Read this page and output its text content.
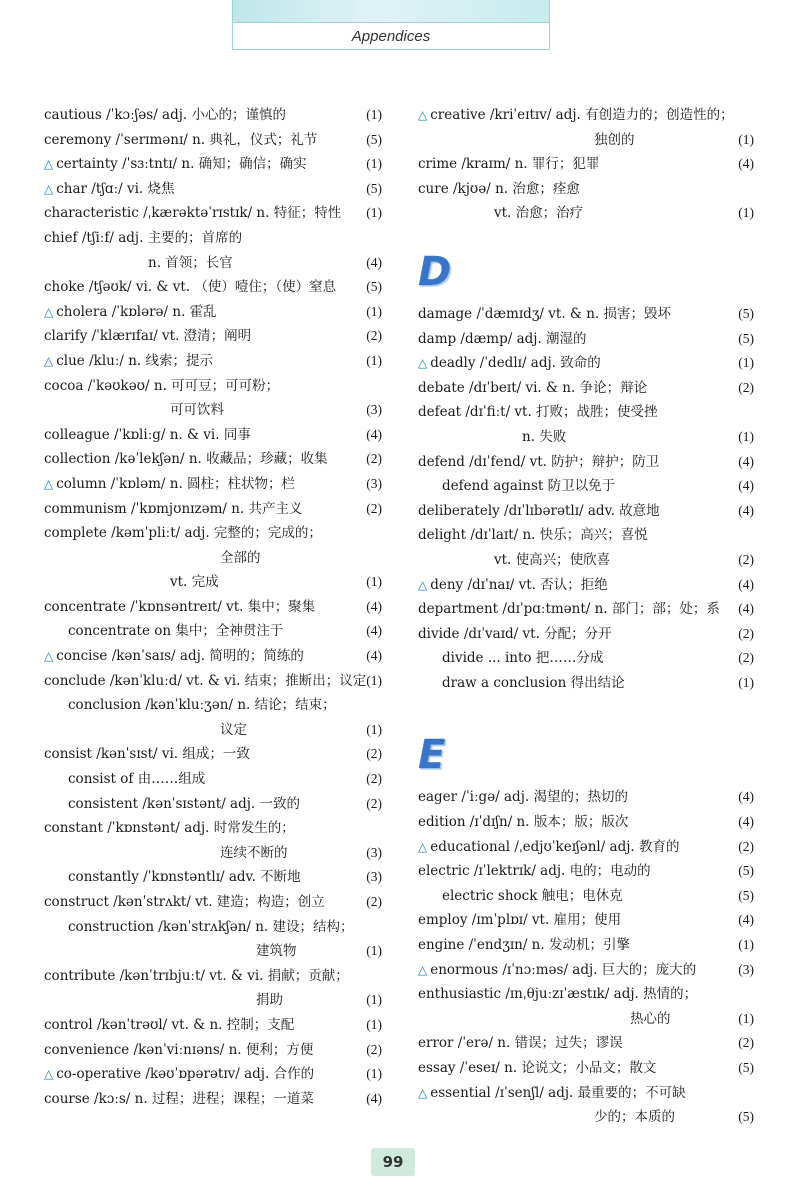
Appendices
cautious /ˈkɔːʃəs/ adj. 小心的；谨慎的	(1)
ceremony /ˈserɪmənɪ/ n. 典礼，仪式；礼节	(5)
△ certainty /ˈsɜːtntɪ/ n. 确知；确信；确实	(1)
△ char /tʃɑː/ vi. 烧焦	(5)
characteristic /ˌkærəktəˈrɪstɪk/ n. 特征；特性 (1)
chief /tʃiːf/ adj. 主要的；首席的
n. 首领；长官	(4)
choke /tʃəʊk/ vi. & vt. （使）噎住；（使）窒息 (5)
△ cholera /ˈkɒlərə/ n. 霍乱	(1)
clarify /ˈklærɪfaɪ/ vt. 澄清；阐明	(2)
△ clue /kluː/ n. 线索；提示	(1)
cocoa /ˈkəʊkəʊ/ n. 可可豆；可可粉；
可可饮料	(3)
colleague /ˈkɒliːg/ n. & vi. 同事	(4)
collection /kəˈlekʃən/ n. 收藏品；珍藏；收集	(2)
△ column /ˈkɒləm/ n. 圆柱；柱状物；栏	(3)
communism /ˈkɒmjʊnɪzəm/ n. 共产主义	(2)
complete /kəmˈpliːt/ adj. 完整的；完成的；
全部的
vt. 完成	(1)
concentrate /ˈkɒnsəntreɪt/ vt. 集中；聚集	(4)
concentrate on 集中；全神贯注于	(4)
△ concise /kənˈsaɪs/ adj. 简明的；简练的	(4)
conclude /kənˈkluːd/ vt. & vi. 结束；推断出；议定 (1)
conclusion /kənˈkluːʒən/ n. 结论；结束；
议定	(1)
consist /kənˈsɪst/ vi. 组成；一致	(2)
consist of 由……组成	(2)
consistent /kənˈsɪstənt/ adj. 一致的	(2)
constant /ˈkɒnstənt/ adj. 时常发生的；
连续不断的	(3)
constantly /ˈkɒnstəntlɪ/ adv. 不断地	(3)
construct /kənˈstrʌkt/ vt. 建造；构造；创立	(2)
construction /kənˈstrʌkʃən/ n. 建设；结构；
建筑物	(1)
contribute /kənˈtrɪbjuːt/ vt. & vi. 捐献；贡献；
捐助	(1)
control /kənˈtrəʊl/ vt. & n. 控制；支配	(1)
convenience /kənˈviːnɪəns/ n. 便利；方便	(2)
△ co-operative /kəʊˈɒpərətɪv/ adj. 合作的	(1)
course /kɔːs/ n. 过程；进程；课程；一道菜	(4)
△ creative /kriˈeɪtɪv/ adj. 有创造力的；创造性的；
独创的	(1)
crime /kraɪm/ n. 罪行；犯罪	(4)
cure /kjʊə/ n. 治愈；痊愈
vt. 治愈；治疗	(1)
D
damage /ˈdæmɪdʒ/ vt. & n. 损害；毁坏	(5)
damp /dæmp/ adj. 潮湿的	(5)
△ deadly /ˈdedlɪ/ adj. 致命的	(1)
debate /dɪˈbeɪt/ vi. & n. 争论；辩论	(2)
defeat /dɪˈfiːt/ vt. 打败；战胜；使受挫
n. 失败	(1)
defend /dɪˈfend/ vt. 防护；辩护；防卫	(4)
defend against 防卫以免于	(4)
deliberately /dɪˈlɪbərətlɪ/ adv. 故意地	(4)
delight /dɪˈlaɪt/ n. 快乐；高兴；喜悦
vt. 使高兴；使欣喜	(2)
△ deny /dɪˈnaɪ/ vt. 否认；拒绝	(4)
department /dɪˈpɑːtmənt/ n. 部门；部；处；系 (4)
divide /dɪˈvaɪd/ vt. 分配；分开	(2)
divide ... into 把……分成	(2)
draw a conclusion 得出结论	(1)
E
eager /ˈiːgə/ adj. 渴望的；热切的	(4)
edition /ɪˈdɪʃn/ n. 版本；版；版次	(4)
△ educational /ˌedjʊˈkeɪʃənl/ adj. 教育的	(2)
electric /ɪˈlektrɪk/ adj. 电的；电动的	(5)
electric shock 触电；电休克	(5)
employ /ɪmˈplɒɪ/ vt. 雇用；使用	(4)
engine /ˈendʒɪn/ n. 发动机；引擎	(1)
△ enormous /ɪˈnɔːməs/ adj. 巨大的；庞大的	(3)
enthusiastic /ɪnˌθjuːzɪˈæstɪk/ adj. 热情的；
热心的	(1)
error /ˈerə/ n. 错误；过失；谬误	(2)
essay /ˈeseɪ/ n. 论说文；小品文；散文	(5)
△ essential /ɪˈsenʃl/ adj. 最重要的；不可缺
少的；本质的	(5)
99
